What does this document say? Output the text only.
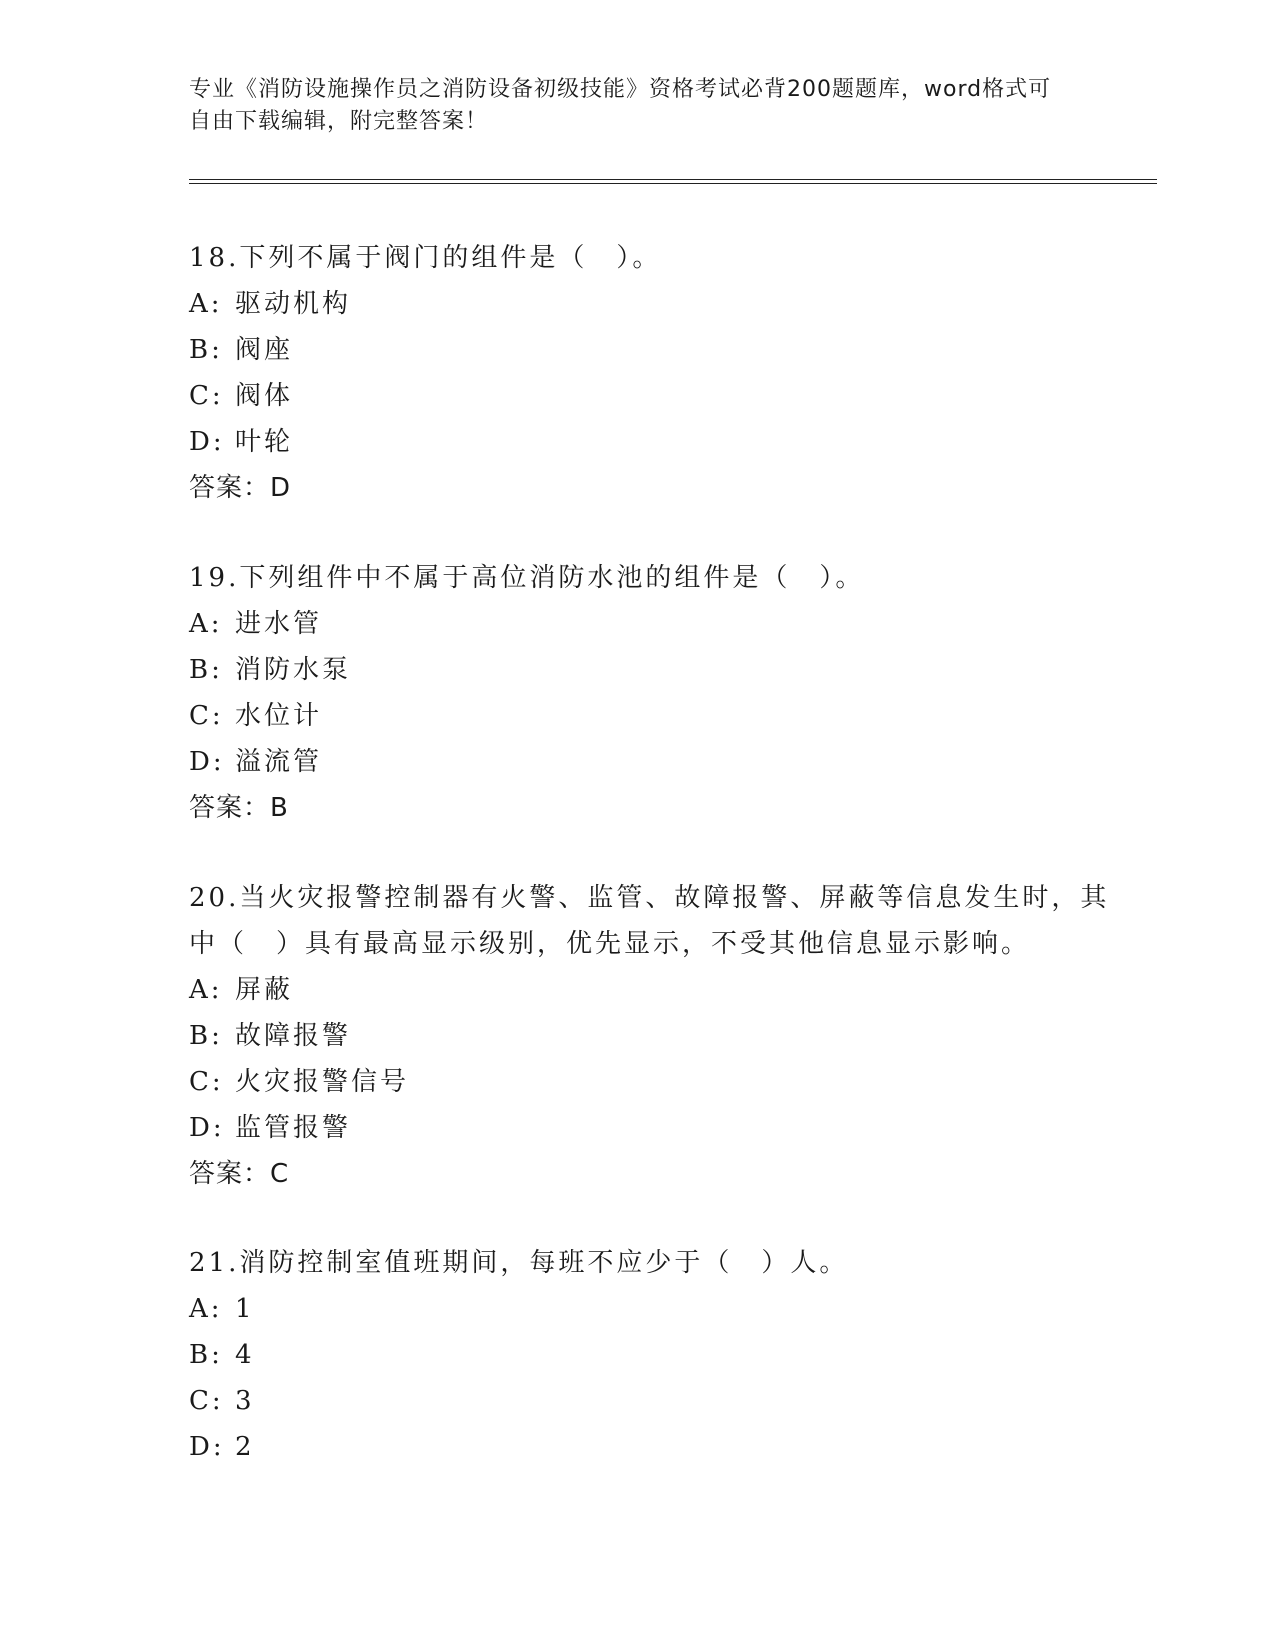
专业《消防设施操作员之消防设备初级技能》资格考试必背200题题库，word格式可自由下载编辑，附完整答案！
18.下列不属于阀门的组件是（　）。
A: 驱动机构
B: 阀座
C: 阀体
D: 叶轮
答案：D
19.下列组件中不属于高位消防水池的组件是（　）。
A: 进水管
B: 消防水泵
C: 水位计
D: 溢流管
答案：B
20.当火灾报警控制器有火警、监管、故障报警、屏蔽等信息发生时，其中（　）具有最高显示级别，优先显示，不受其他信息显示影响。
A: 屏蔽
B: 故障报警
C: 火灾报警信号
D: 监管报警
答案：C
21.消防控制室值班期间，每班不应少于（　）人。
A: 1
B: 4
C: 3
D: 2
